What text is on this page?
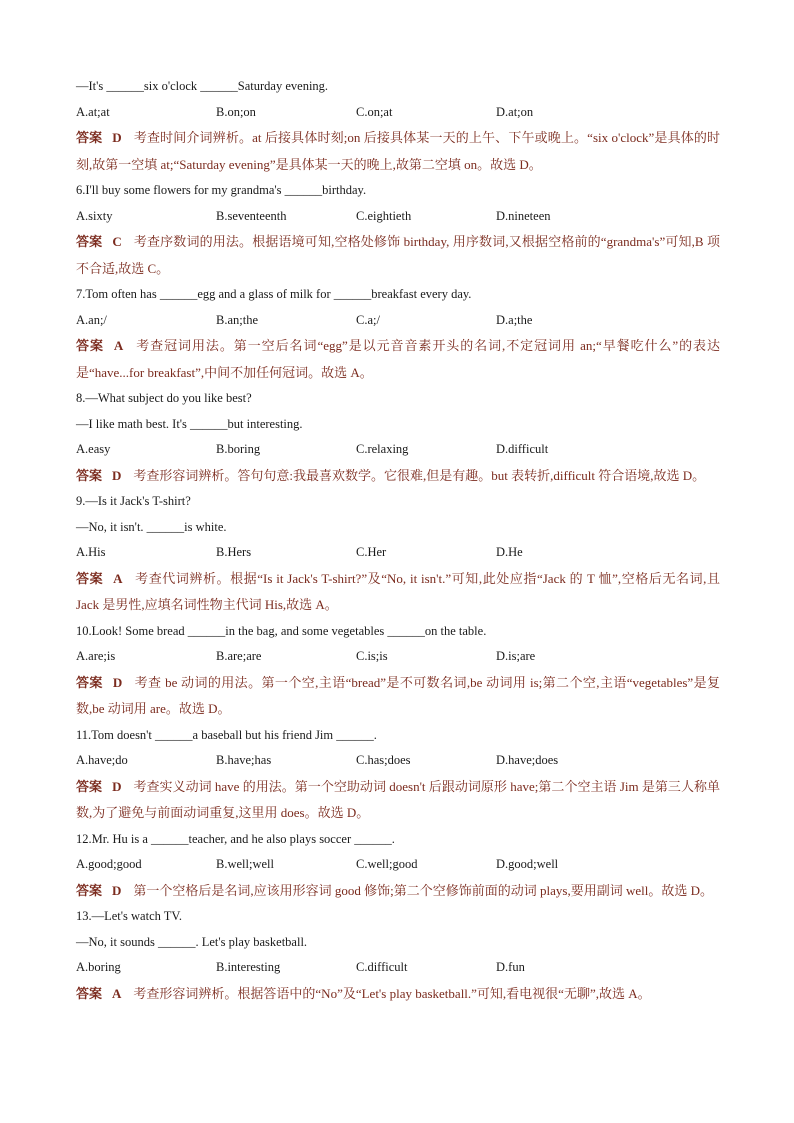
—It's ______six o'clock ______Saturday evening.
A.at;at	B.on;on	C.on;at	D.at;on
答案 D 考查时间介词辨析。at 后接具体时刻;on 后接具体某一天的上午、下午或晚上。“six o'clock”是具体的时刻,故第一空填 at;“Saturday evening”是具体某一天的晚上,故第二空填 on。故选 D。
6.I'll buy some flowers for my grandma's ______birthday.
A.sixty	B.seventeenth	C.eightieth	D.nineteen
答案 C 考查序数词的用法。根据语境可知,空格处修饰 birthday, 用序数词,又根据空格前的“grandma's”可知,B 项不合适,故选 C。
7.Tom often has ______egg and a glass of milk for ______breakfast every day.
A.an;/	B.an;the	C.a;/	D.a;the
答案 A 考查冠词用法。第一空后名词“egg”是以元音音素开头的名词,不定冠词用 an;“早餐吃什么”的表达是“have...for breakfast”,中间不加任何冠词。故选 A。
8.—What subject do you like best?
—I like math best. It's ______but interesting.
A.easy	B.boring	C.relaxing	D.difficult
答案 D 考查形容词辨析。答句句意:我最喜欢数学。它很难,但是有趣。but 表转折,difficult 符合语境,故选 D。
9.—Is it Jack's T-shirt?
—No, it isn't. ______is white.
A.His	B.Hers	C.Her	D.He
答案 A 考查代词辨析。根据“Is it Jack's T-shirt?”及“No, it isn't.”可知,此处应指“Jack 的 T 恤”,空格后无名词,且 Jack 是男性,应填名词性物主代词 His,故选 A。
10.Look! Some bread ______in the bag, and some vegetables ______on the table.
A.are;is	B.are;are	C.is;is	D.is;are
答案 D 考查 be 动词的用法。第一个空,主语“bread”是不可数名词,be 动词用 is;第二个空,主语“vegetables”是复数,be 动词用 are。故选 D。
11.Tom doesn't ______a baseball but his friend Jim ______.
A.have;do	B.have;has	C.has;does	D.have;does
答案 D 考查实义动词 have 的用法。第一个空助动词 doesn't 后跟动词原形 have;第二个空主语 Jim 是第三人称单数,为了避免与前面动词重复,这里用 does。故选 D。
12.Mr. Hu is a ______teacher, and he also plays soccer ______.
A.good;good	B.well;well	C.well;good	D.good;well
答案 D 第一个空格后是名词,应该用形容词 good 修饰;第二个空修饰前面的动词 plays,要用副词 well。故选 D。
13.—Let's watch TV.
—No, it sounds ______. Let's play basketball.
A.boring	B.interesting	C.difficult	D.fun
答案 A 考查形容词辨析。根据答语中的“No”及“Let's play basketball.”可知,看电视很“无聊”,故选 A。
